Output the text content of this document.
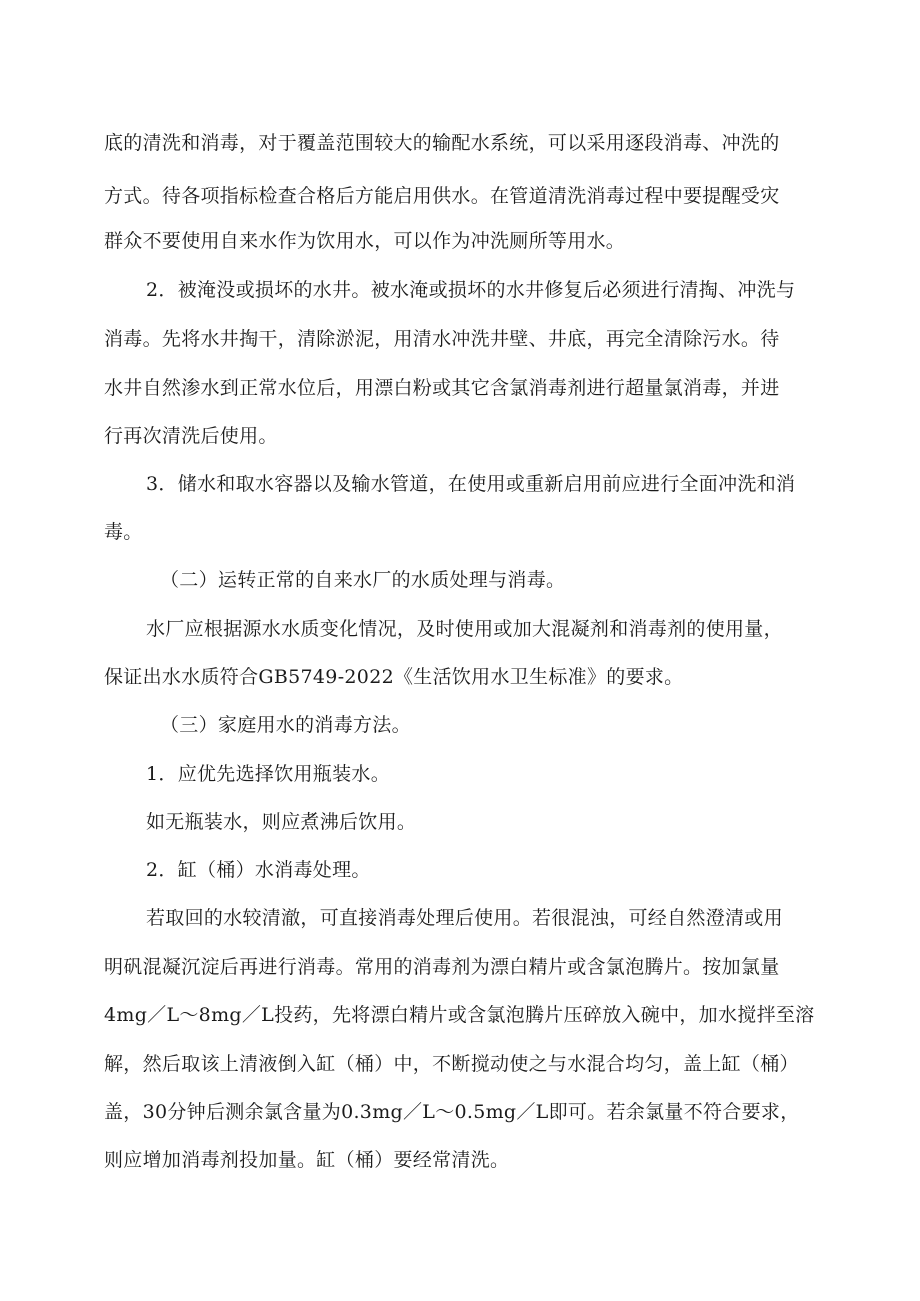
底的清洗和消毒，对于覆盖范围较大的输配水系统，可以采用逐段消毒、冲洗的
方式。待各项指标检查合格后方能启用供水。在管道清洗消毒过程中要提醒受灾
群众不要使用自来水作为饮用水，可以作为冲洗厕所等用水。
2．被淹没或损坏的水井。被水淹或损坏的水井修复后必须进行清掏、冲洗与
消毒。先将水井掏干，清除淤泥，用清水冲洗井壁、井底，再完全清除污水。待
水井自然渗水到正常水位后，用漂白粉或其它含氯消毒剂进行超量氯消毒，并进
行再次清洗后使用。
3．储水和取水容器以及输水管道，在使用或重新启用前应进行全面冲洗和消
毒。
（二）运转正常的自来水厂的水质处理与消毒。
水厂应根据源水水质变化情况，及时使用或加大混凝剂和消毒剂的使用量，
保证出水水质符合GB5749-2022《生活饮用水卫生标准》的要求。
（三）家庭用水的消毒方法。
1．应优先选择饮用瓶装水。
如无瓶装水，则应煮沸后饮用。
2．缸（桶）水消毒处理。
若取回的水较清澈，可直接消毒处理后使用。若很混浊，可经自然澄清或用
明矾混凝沉淀后再进行消毒。常用的消毒剂为漂白精片或含氯泡腾片。按加氯量
4mg／L～8mg／L投药，先将漂白精片或含氯泡腾片压碎放入碗中，加水搅拌至溶
解，然后取该上清液倒入缸（桶）中，不断搅动使之与水混合均匀，盖上缸（桶）
盖，30分钟后测余氯含量为0.3mg／L～0.5mg／L即可。若余氯量不符合要求，
则应增加消毒剂投加量。缸（桶）要经常清洗。
